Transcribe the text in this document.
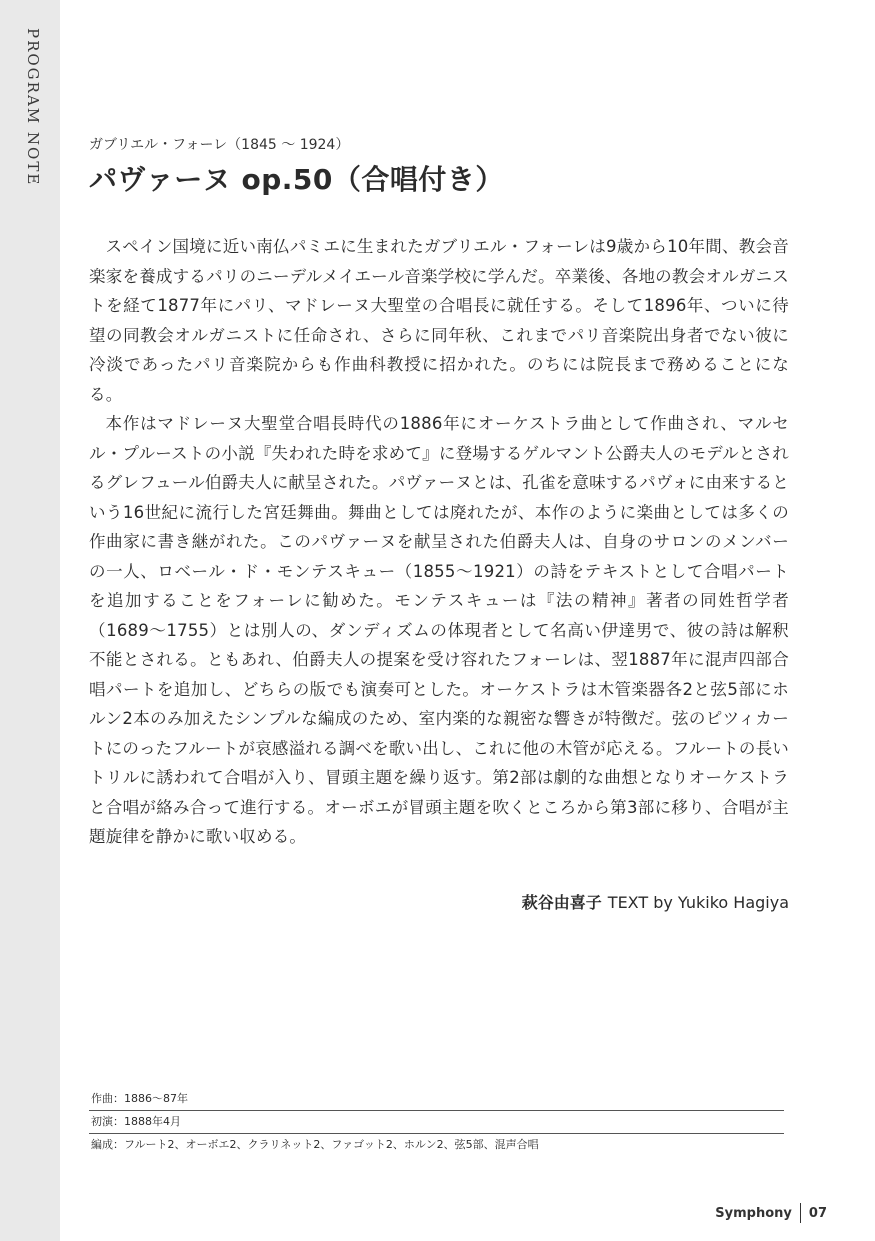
PROGRAM NOTE	ガブリエル・フォーレ（1845 ～ 1924）

パヴァーヌ op.50（合唱付き）

スペイン国境に近い南仏パミエに生まれたガブリエル・フォーレは9歳から10年間、教会音楽家を養成するパリのニーデルメイエール音楽学校に学んだ。卒業後、各地の教会オルガニストを経て1877年にパリ、マドレーヌ大聖堂の合唱長に就任する。そして1896年、ついに待望の同教会オルガニストに任命され、さらに同年秋、これまでパリ音楽院出身者でない彼に冷淡であったパリ音楽院からも作曲科教授に招かれた。のちには院長まで務めることになる。

本作はマドレーヌ大聖堂合唱長時代の1886年にオーケストラ曲として作曲され、マルセル・プルーストの小説『失われた時を求めて』に登場するゲルマント公爵夫人のモデルとされるグレフュール伯爵夫人に献呈された。パヴァーヌとは、孔雀を意味するパヴォに由来するという16世紀に流行した宮廷舞曲。舞曲としては廃れたが、本作のように楽曲としては多くの作曲家に書き継がれた。このパヴァーヌを献呈された伯爵夫人は、自身のサロンのメンバーの一人、ロベール・ド・モンテスキュー（1855～1921）の詩をテキストとして合唱パートを追加することをフォーレに勧めた。モンテスキューは『法の精神』著者の同姓哲学者（1689～1755）とは別人の、ダンディズムの体現者として名高い伊達男で、彼の詩は解釈不能とされる。ともあれ、伯爵夫人の提案を受け容れたフォーレは、翌1887年に混声四部合唱パートを追加し、どちらの版でも演奏可とした。オーケストラは木管楽器各2と弦5部にホルン2本のみ加えたシンプルな編成のため、室内楽的な親密な響きが特徴だ。弦のピツィカートにのったフルートが哀感溢れる調べを歌い出し、これに他の木管が応える。フルートの長いトリルに誘われて合唱が入り、冒頭主題を繰り返す。第2部は劇的な曲想となりオーケストラと合唱が絡み合って進行する。オーボエが冒頭主題を吹くところから第3部に移り、合唱が主題旋律を静かに歌い収める。

萩谷由喜子 TEXT by Yukiko Hagiya
作曲：1886～87年
初演：1888年4月
編成：フルート2、オーボエ2、クラリネット2、ファゴット2、ホルン2、弦5部、混声合唱
Symphony 07
